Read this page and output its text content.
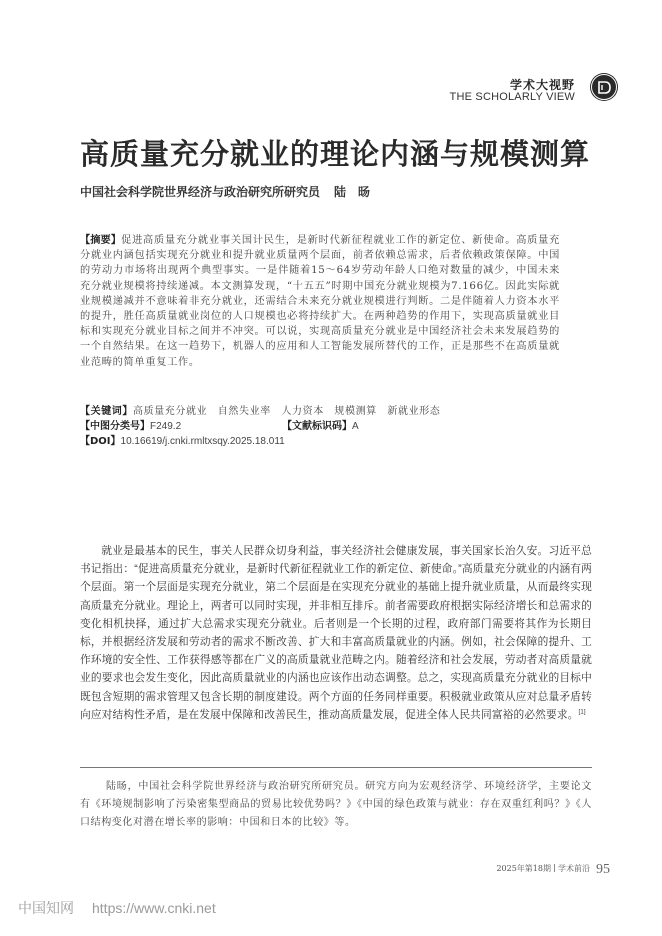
学术大视野
THE SCHOLARLY VIEW
高质量充分就业的理论内涵与规模测算
中国社会科学院世界经济与政治研究所研究员 陆　旸
【摘要】促进高质量充分就业事关国计民生，是新时代新征程就业工作的新定位、新使命。高质量充分就业内涵包括实现充分就业和提升就业质量两个层面，前者依赖总需求，后者依赖政策保障。中国的劳动力市场将出现两个典型事实。一是伴随着15～64岁劳动年龄人口绝对数量的减少，中国未来充分就业规模将持续递减。本文测算发现，“十五五”时期中国充分就业规模为7.166亿。因此实际就业规模递减并不意味着非充分就业，还需结合未来充分就业规模进行判断。二是伴随着人力资本水平的提升，胜任高质量就业岗位的人口规模也必将持续扩大。在两种趋势的作用下，实现高质量就业目标和实现充分就业目标之间并不冲突。可以说，实现高质量充分就业是中国经济社会未来发展趋势的一个自然结果。在这一趋势下，机器人的应用和人工智能发展所替代的工作，正是那些不在高质量就业范畴的简单重复工作。
【关键词】高质量充分就业　自然失业率　人力资本　规模测算　新就业形态
【中图分类号】F249.2	【文献标识码】A
【DOI】10.16619/j.cnki.rmltxsqy.2025.18.011
就业是最基本的民生，事关人民群众切身利益，事关经济社会健康发展，事关国家长治久安。习近平总书记指出：“促进高质量充分就业，是新时代新征程就业工作的新定位、新使命。”高质量充分就业的内涵有两个层面。第一个层面是实现充分就业，第二个层面是在实现充分就业的基础上提升就业质量，从而最终实现高质量充分就业。理论上，两者可以同时实现，并非相互排斥。前者需要政府根据实际经济增长和总需求的变化相机抉择，通过扩大总需求实现充分就业。后者则是一个长期的过程，政府部门需要将其作为长期目标，并根据经济发展和劳动者的需求不断改善、扩大和丰富高质量就业的内涵。例如，社会保障的提升、工作环境的安全性、工作获得感等都在广义的高质量就业范畴之内。随着经济和社会发展，劳动者对高质量就业的要求也会发生变化，因此高质量就业的内涵也应该作出动态调整。总之，实现高质量充分就业的目标中既包含短期的需求管理又包含长期的制度建设。两个方面的任务同样重要。积极就业政策从应对总量矛盾转向应对结构性矛盾，是在发展中保障和改善民生，推动高质量发展，促进全体人民共同富裕的必然要求。[1]
陆旸，中国社会科学院世界经济与政治研究所研究员。研究方向为宏观经济学、环境经济学，主要论文有《环境规制影响了污染密集型商品的贸易比较优势吗？》《中国的绿色政策与就业：存在双重红利吗？》《人口结构变化对潜在增长率的影响：中国和日本的比较》等。
2025年第18期 学术前沿 95
中国知网 https://www.cnki.net
